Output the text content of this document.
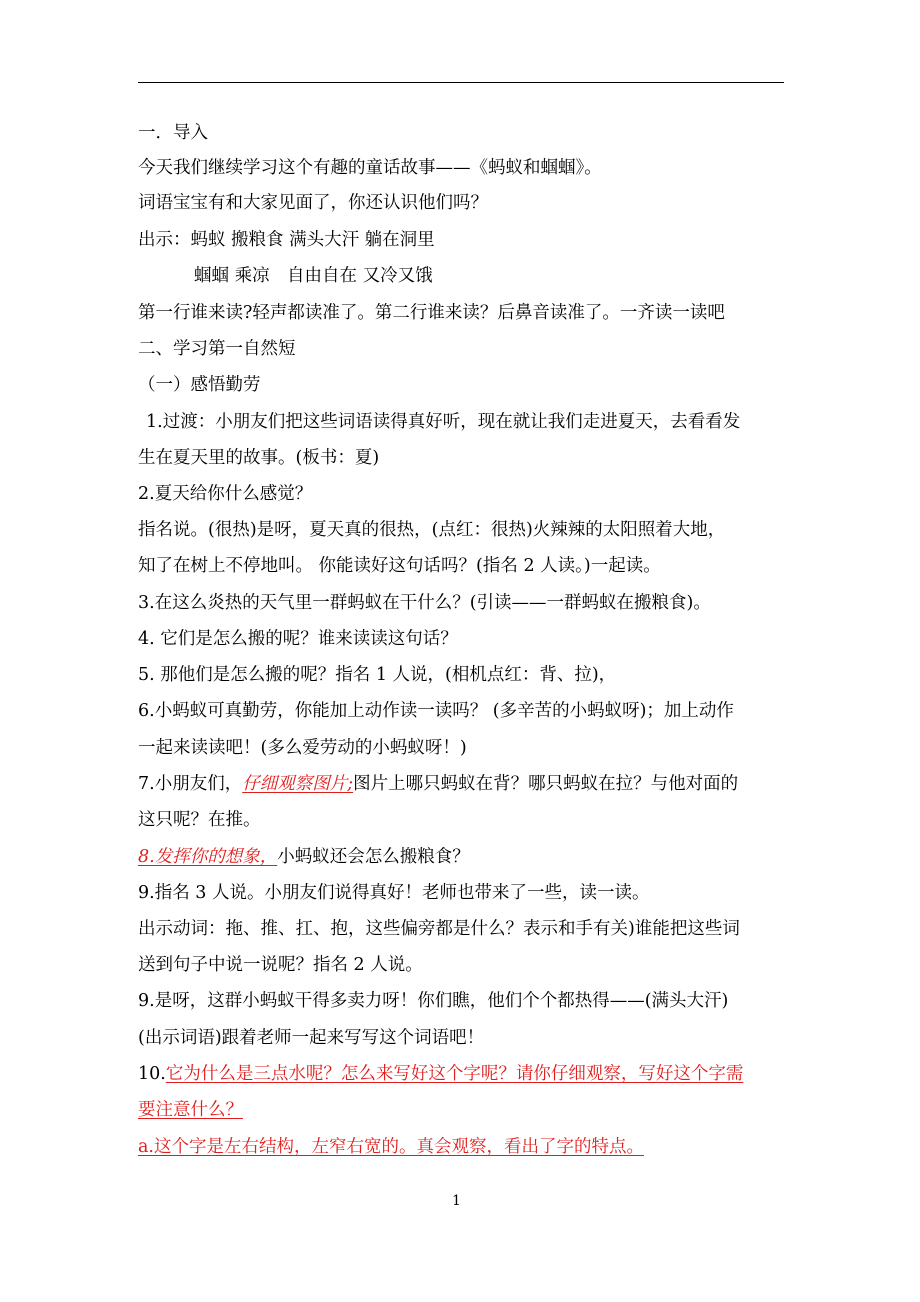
一．导入
今天我们继续学习这个有趣的童话故事——《蚂蚁和蝈蝈》。
词语宝宝有和大家见面了，你还认识他们吗？
出示：蚂蚁 搬粮食 满头大汗 躺在洞里
蝈蝈 乘凉　自由自在 又冷又饿
第一行谁来读?轻声都读准了。第二行谁来读？后鼻音读准了。一齐读一读吧
二、学习第一自然短
（一）感悟勤劳
1.过渡：小朋友们把这些词语读得真好听，现在就让我们走进夏天，去看看发
生在夏天里的故事。(板书：夏)
2.夏天给你什么感觉？
指名说。(很热)是呀，夏天真的很热，(点红：很热)火辣辣的太阳照着大地，
知了在树上不停地叫。 你能读好这句话吗？(指名 2 人读。)一起读。
3.在这么炎热的天气里一群蚂蚁在干什么？(引读——一群蚂蚁在搬粮食)。
4. 它们是怎么搬的呢？谁来读读这句话？
5. 那他们是怎么搬的呢？指名 1 人说，(相机点红：背、拉)，
6.小蚂蚁可真勤劳，你能加上动作读一读吗？ (多辛苦的小蚂蚁呀)；加上动作
一起来读读吧！(多么爱劳动的小蚂蚁呀！)
7.小朋友们，仔细观察图片;图片上哪只蚂蚁在背？哪只蚂蚁在拉？与他对面的
这只呢？在推。
8.发挥你的想象，小蚂蚁还会怎么搬粮食？
9.指名 3 人说。小朋友们说得真好！老师也带来了一些，读一读。
出示动词：拖、推、扛、抱，这些偏旁都是什么？表示和手有关)谁能把这些词
送到句子中说一说呢？指名 2 人说。
9.是呀，这群小蚂蚁干得多卖力呀！你们瞧，他们个个都热得——(满头大汗)
(出示词语)跟着老师一起来写写这个词语吧！
10.它为什么是三点水呢？怎么来写好这个字呢？请你仔细观察，写好这个字需
要注意什么？
a.这个字是左右结构，左窄右宽的。真会观察，看出了字的特点。
1
